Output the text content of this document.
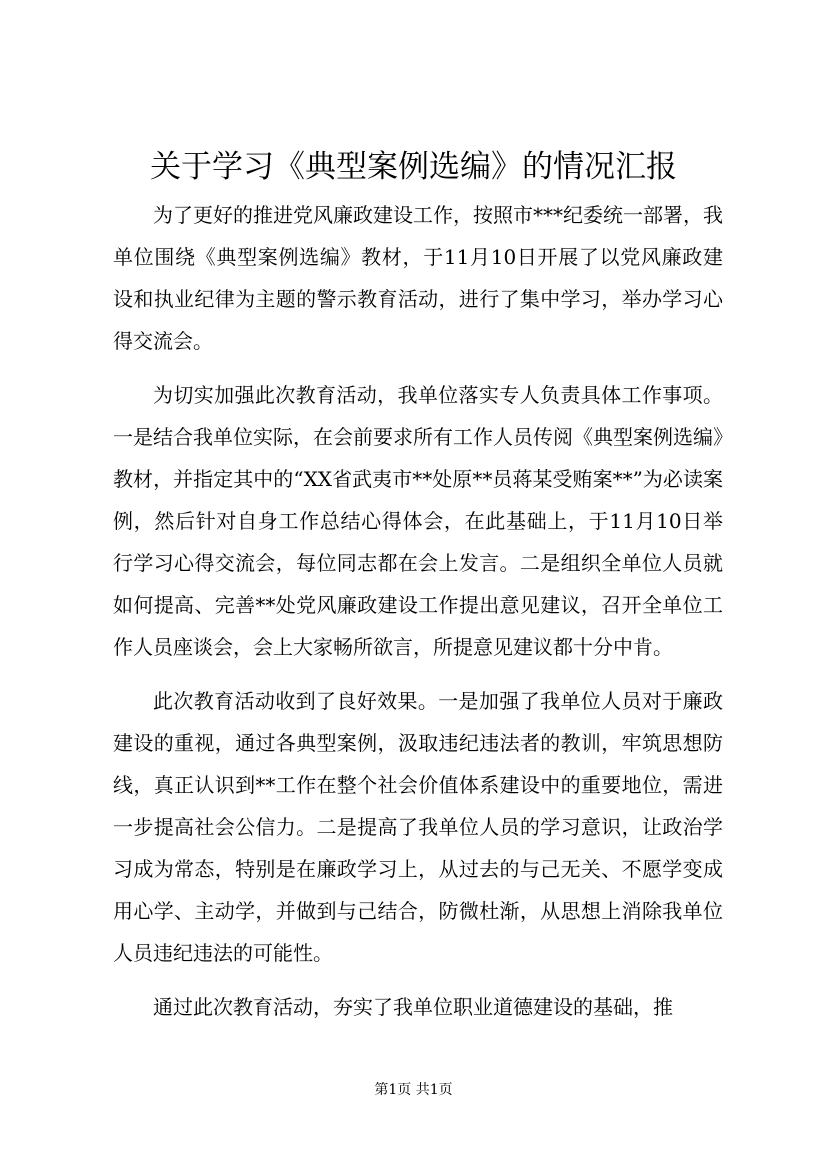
关于学习《典型案例选编》的情况汇报

为了更好的推进党风廉政建设工作，按照市***纪委统一部署，我单位围绕《典型案例选编》教材，于11月10日开展了以党风廉政建设和执业纪律为主题的警示教育活动，进行了集中学习，举办学习心得交流会。

为切实加强此次教育活动，我单位落实专人负责具体工作事项。一是结合我单位实际，在会前要求所有工作人员传阅《典型案例选编》教材，并指定其中的“XX省武夷市**处原**员蒋某受贿案**”为必读案例，然后针对自身工作总结心得体会，在此基础上，于11月10日举行学习心得交流会，每位同志都在会上发言。二是组织全单位人员就如何提高、完善**处党风廉政建设工作提出意见建议，召开全单位工作人员座谈会，会上大家畅所欲言，所提意见建议都十分中肯。

此次教育活动收到了良好效果。一是加强了我单位人员对于廉政建设的重视，通过各典型案例，汲取违纪违法者的教训，牢筑思想防线，真正认识到**工作在整个社会价值体系建设中的重要地位，需进一步提高社会公信力。二是提高了我单位人员的学习意识，让政治学习成为常态，特别是在廉政学习上，从过去的与己无关、不愿学变成用心学、主动学，并做到与己结合，防微杜渐，从思想上消除我单位人员违纪违法的可能性。

通过此次教育活动，夯实了我单位职业道德建设的基础，推

第1页 共1页
